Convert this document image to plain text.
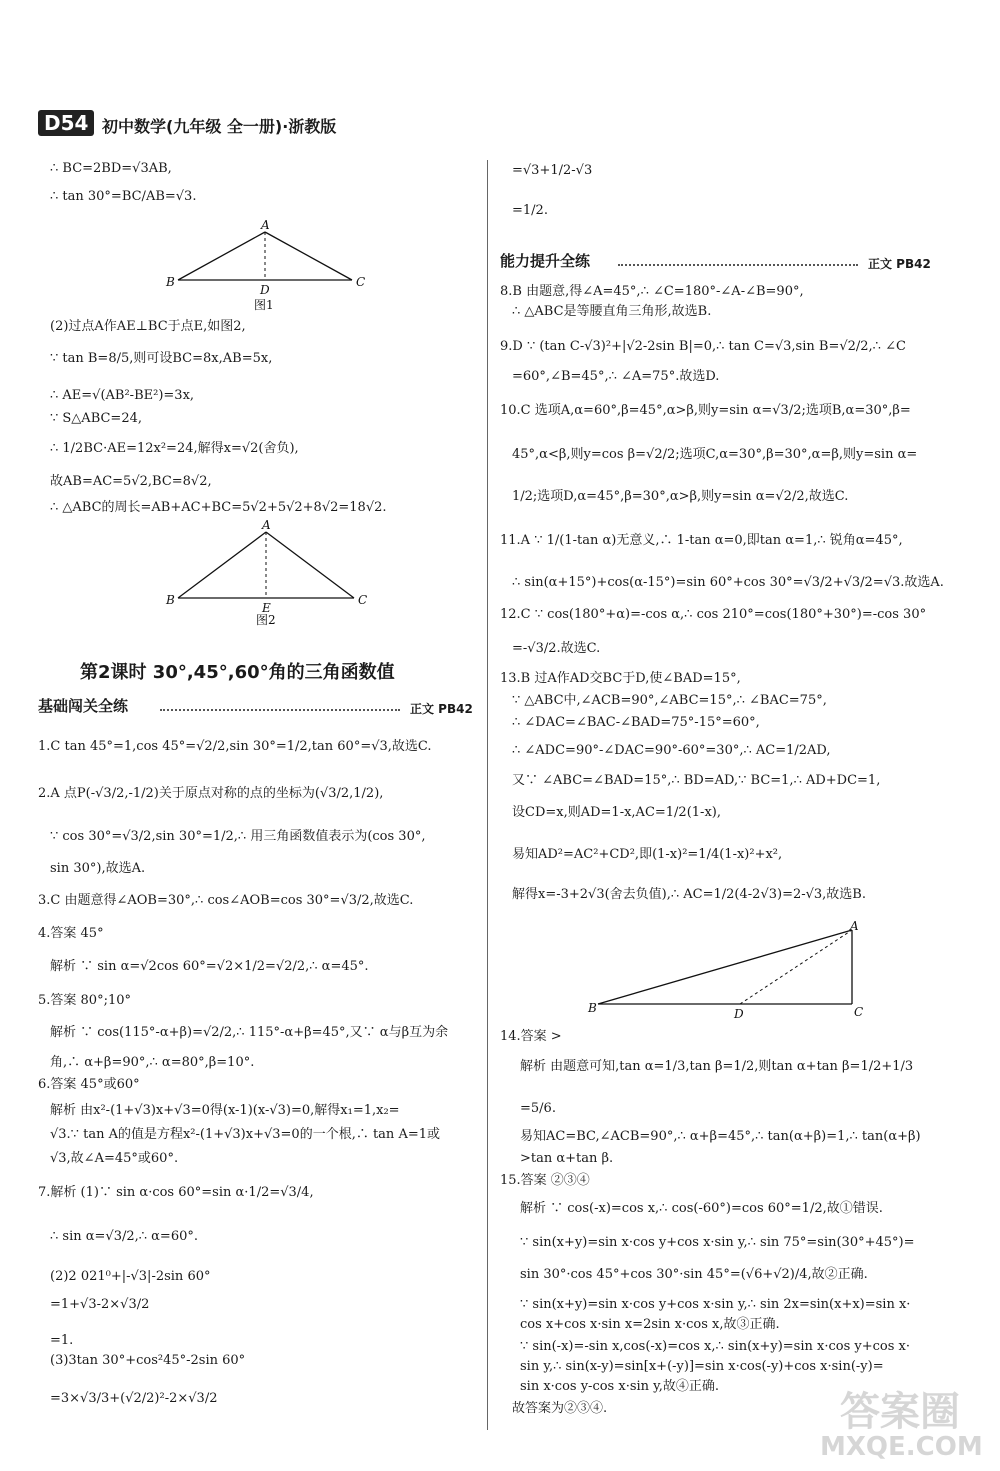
D54 初中数学(九年级 全一册)·浙教版
∴ BC=2BD=√3AB,
∴ tan 30°=BC/AB=√3.
A
B
D
C
图1
(2)过点A作AE⊥BC于点E,如图2,
∵ tan B=8/5,则可设BC=8x,AB=5x,
∴ AE=√(AB²-BE²)=3x,
∵ S△ABC=24,
∴ 1/2BC·AE=12x²=24,解得x=√2(舍负),
故AB=AC=5√2,BC=8√2,
∴ △ABC的周长=AB+AC+BC=5√2+5√2+8√2=18√2.
A
B
E
C
图2
第2课时 30°,45°,60°角的三角函数值
基础闯关全练	正文 PB42
1.C tan 45°=1,cos 45°=√2/2,sin 30°=1/2,tan 60°=√3,故选C.
2.A 点P(-√3/2,-1/2)关于原点对称的点的坐标为(√3/2,1/2),
∵ cos 30°=√3/2,sin 30°=1/2,∴ 用三角函数值表示为(cos 30°,
sin 30°),故选A.
3.C 由题意得∠AOB=30°,∴ cos∠AOB=cos 30°=√3/2,故选C.
4.答案 45°
解析 ∵ sin α=√2cos 60°=√2×1/2=√2/2,∴ α=45°.
5.答案 80°;10°
解析 ∵ cos(115°-α+β)=√2/2,∴ 115°-α+β=45°,又∵ α与β互为余
角,∴ α+β=90°,∴ α=80°,β=10°.
6.答案 45°或60°
解析 由x²-(1+√3)x+√3=0得(x-1)(x-√3)=0,解得x₁=1,x₂=
√3.∵ tan A的值是方程x²-(1+√3)x+√3=0的一个根,∴ tan A=1或
√3,故∠A=45°或60°.
7.解析 (1)∵ sin α·cos 60°=sin α·1/2=√3/4,
∴ sin α=√3/2,∴ α=60°.
(2)2 021⁰+|-√3|-2sin 60°
=1+√3-2×√3/2
=1.
(3)3tan 30°+cos²45°-2sin 60°
=3×√3/3+(√2/2)²-2×√3/2
=√3+1/2-√3
=1/2.
能力提升全练	正文 PB42
8.B 由题意,得∠A=45°,∴ ∠C=180°-∠A-∠B=90°,
∴ △ABC是等腰直角三角形,故选B.
9.D ∵ (tan C-√3)²+|√2-2sin B|=0,∴ tan C=√3,sin B=√2/2,∴ ∠C
=60°,∠B=45°,∴ ∠A=75°.故选D.
10.C 选项A,α=60°,β=45°,α>β,则y=sin α=√3/2;选项B,α=30°,β=
45°,α<β,则y=cos β=√2/2;选项C,α=30°,β=30°,α=β,则y=sin α=
1/2;选项D,α=45°,β=30°,α>β,则y=sin α=√2/2,故选C.
11.A ∵ 1/(1-tan α)无意义,∴ 1-tan α=0,即tan α=1,∴ 锐角α=45°,
∴ sin(α+15°)+cos(α-15°)=sin 60°+cos 30°=√3/2+√3/2=√3.故选A.
12.C ∵ cos(180°+α)=-cos α,∴ cos 210°=cos(180°+30°)=-cos 30°
=-√3/2.故选C.
13.B 过A作AD交BC于D,使∠BAD=15°,
∵ △ABC中,∠ACB=90°,∠ABC=15°,∴ ∠BAC=75°,
∴ ∠DAC=∠BAC-∠BAD=75°-15°=60°,
∴ ∠ADC=90°-∠DAC=90°-60°=30°,∴ AC=1/2AD,
又∵ ∠ABC=∠BAD=15°,∴ BD=AD,∵ BC=1,∴ AD+DC=1,
设CD=x,则AD=1-x,AC=1/2(1-x),
易知AD²=AC²+CD²,即(1-x)²=1/4(1-x)²+x²,
解得x=-3+2√3(舍去负值),∴ AC=1/2(4-2√3)=2-√3,故选B.
A
B	D	C
14.答案 >
解析 由题意可知,tan α=1/3,tan β=1/2,则tan α+tan β=1/2+1/3
=5/6.
易知AC=BC,∠ACB=90°,∴ α+β=45°,∴ tan(α+β)=1,∴ tan(α+β)
>tan α+tan β.
15.答案 ②③④
解析 ∵ cos(-x)=cos x,∴ cos(-60°)=cos 60°=1/2,故①错误.
∵ sin(x+y)=sin x·cos y+cos x·sin y,∴ sin 75°=sin(30°+45°)=
sin 30°·cos 45°+cos 30°·sin 45°=(√6+√2)/4,故②正确.
∵ sin(x+y)=sin x·cos y+cos x·sin y,∴ sin 2x=sin(x+x)=sin x·
cos x+cos x·sin x=2sin x·cos x,故③正确.
∵ sin(-x)=-sin x,cos(-x)=cos x,∴ sin(x+y)=sin x·cos y+cos x·
sin y,∴ sin(x-y)=sin[x+(-y)]=sin x·cos(-y)+cos x·sin(-y)=
sin x·cos y-cos x·sin y,故④正确.
故答案为②③④.	答案圈
MXQE.COM
